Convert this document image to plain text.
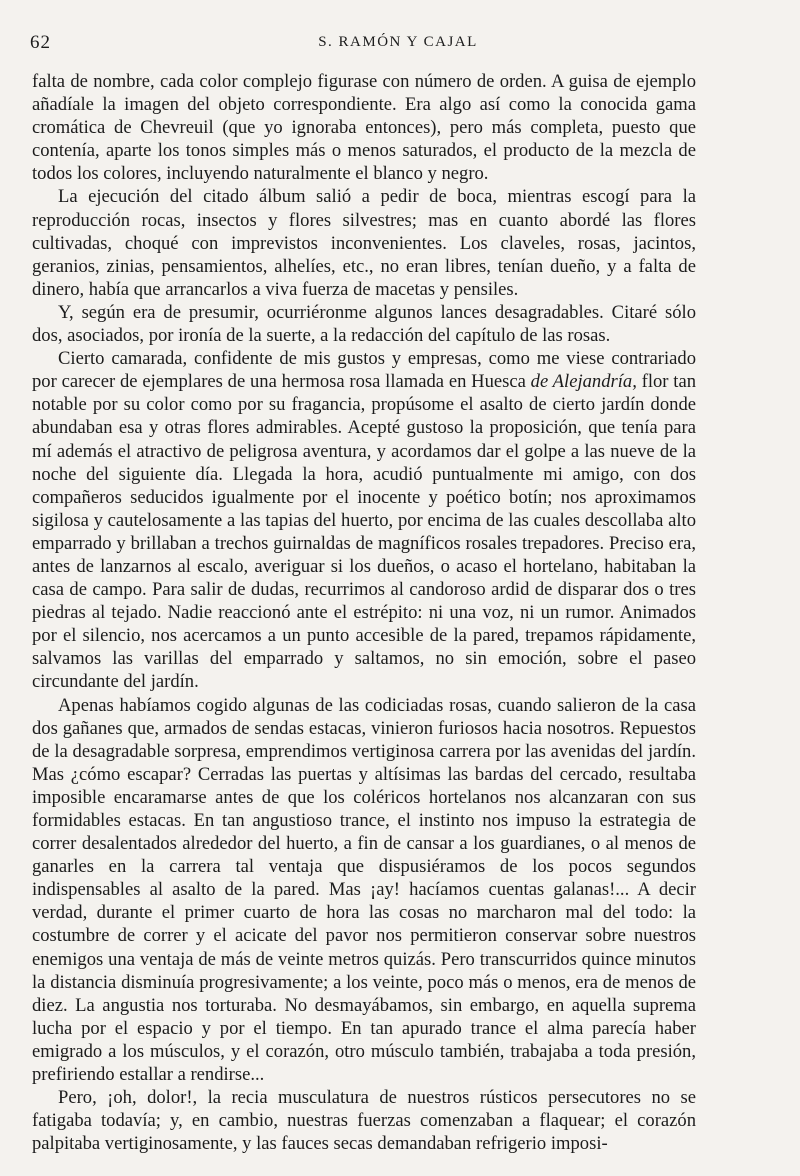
62	S. RAMÓN Y CAJAL

falta de nombre, cada color complejo figurase con número de orden. A guisa de ejemplo añadíale la imagen del objeto correspondiente. Era algo así como la conocida gama cromática de Chevreuil (que yo ignoraba entonces), pero más completa, puesto que contenía, aparte los tonos simples más o menos saturados, el producto de la mezcla de todos los colores, incluyendo naturalmente el blanco y negro.

La ejecución del citado álbum salió a pedir de boca, mientras escogí para la reproducción rocas, insectos y flores silvestres; mas en cuanto abordé las flores cultivadas, choqué con imprevistos inconvenientes. Los claveles, rosas, jacintos, geranios, zinias, pensamientos, alhelíes, etc., no eran libres, tenían dueño, y a falta de dinero, había que arrancarlos a viva fuerza de macetas y pensiles.

Y, según era de presumir, ocurriéronme algunos lances desagradables. Citaré sólo dos, asociados, por ironía de la suerte, a la redacción del capítulo de las rosas.

Cierto camarada, confidente de mis gustos y empresas, como me viese contrariado por carecer de ejemplares de una hermosa rosa llamada en Huesca de Alejandría, flor tan notable por su color como por su fragancia, propúsome el asalto de cierto jardín donde abundaban esa y otras flores admirables. Acepté gustoso la proposición, que tenía para mí además el atractivo de peligrosa aventura, y acordamos dar el golpe a las nueve de la noche del siguiente día. Llegada la hora, acudió puntualmente mi amigo, con dos compañeros seducidos igualmente por el inocente y poético botín; nos aproximamos sigilosa y cautelosamente a las tapias del huerto, por encima de las cuales descollaba alto emparrado y brillaban a trechos guirnaldas de magníficos rosales trepadores. Preciso era, antes de lanzarnos al escalo, averiguar si los dueños, o acaso el hortelano, habitaban la casa de campo. Para salir de dudas, recurrimos al candoroso ardid de disparar dos o tres piedras al tejado. Nadie reaccionó ante el estrépito: ni una voz, ni un rumor. Animados por el silencio, nos acercamos a un punto accesible de la pared, trepamos rápidamente, salvamos las varillas del emparrado y saltamos, no sin emoción, sobre el paseo circundante del jardín.

Apenas habíamos cogido algunas de las codiciadas rosas, cuando salieron de la casa dos gañanes que, armados de sendas estacas, vinieron furiosos hacia nosotros. Repuestos de la desagradable sorpresa, emprendimos vertiginosa carrera por las avenidas del jardín. Mas ¿cómo escapar? Cerradas las puertas y altísimas las bardas del cercado, resultaba imposible encaramarse antes de que los coléricos hortelanos nos alcanzaran con sus formidables estacas. En tan angustioso trance, el instinto nos impuso la estrategia de correr desalentados alrededor del huerto, a fin de cansar a los guardianes, o al menos de ganarles en la carrera tal ventaja que dispusiéramos de los pocos segundos indispensables al asalto de la pared. Mas ¡ay! hacíamos cuentas galanas!... A decir verdad, durante el primer cuarto de hora las cosas no marcharon mal del todo: la costumbre de correr y el acicate del pavor nos permitieron conservar sobre nuestros enemigos una ventaja de más de veinte metros quizás. Pero transcurridos quince minutos la distancia disminuía progresivamente; a los veinte, poco más o menos, era de menos de diez. La angustia nos torturaba. No desmayábamos, sin embargo, en aquella suprema lucha por el espacio y por el tiempo. En tan apurado trance el alma parecía haber emigrado a los músculos, y el corazón, otro músculo también, trabajaba a toda presión, prefiriendo estallar a rendirse...

Pero, ¡oh, dolor!, la recia musculatura de nuestros rústicos persecutores no se fatigaba todavía; y, en cambio, nuestras fuerzas comenzaban a flaquear; el corazón palpitaba vertiginosamente, y las fauces secas demandaban refrigerio imposi-
